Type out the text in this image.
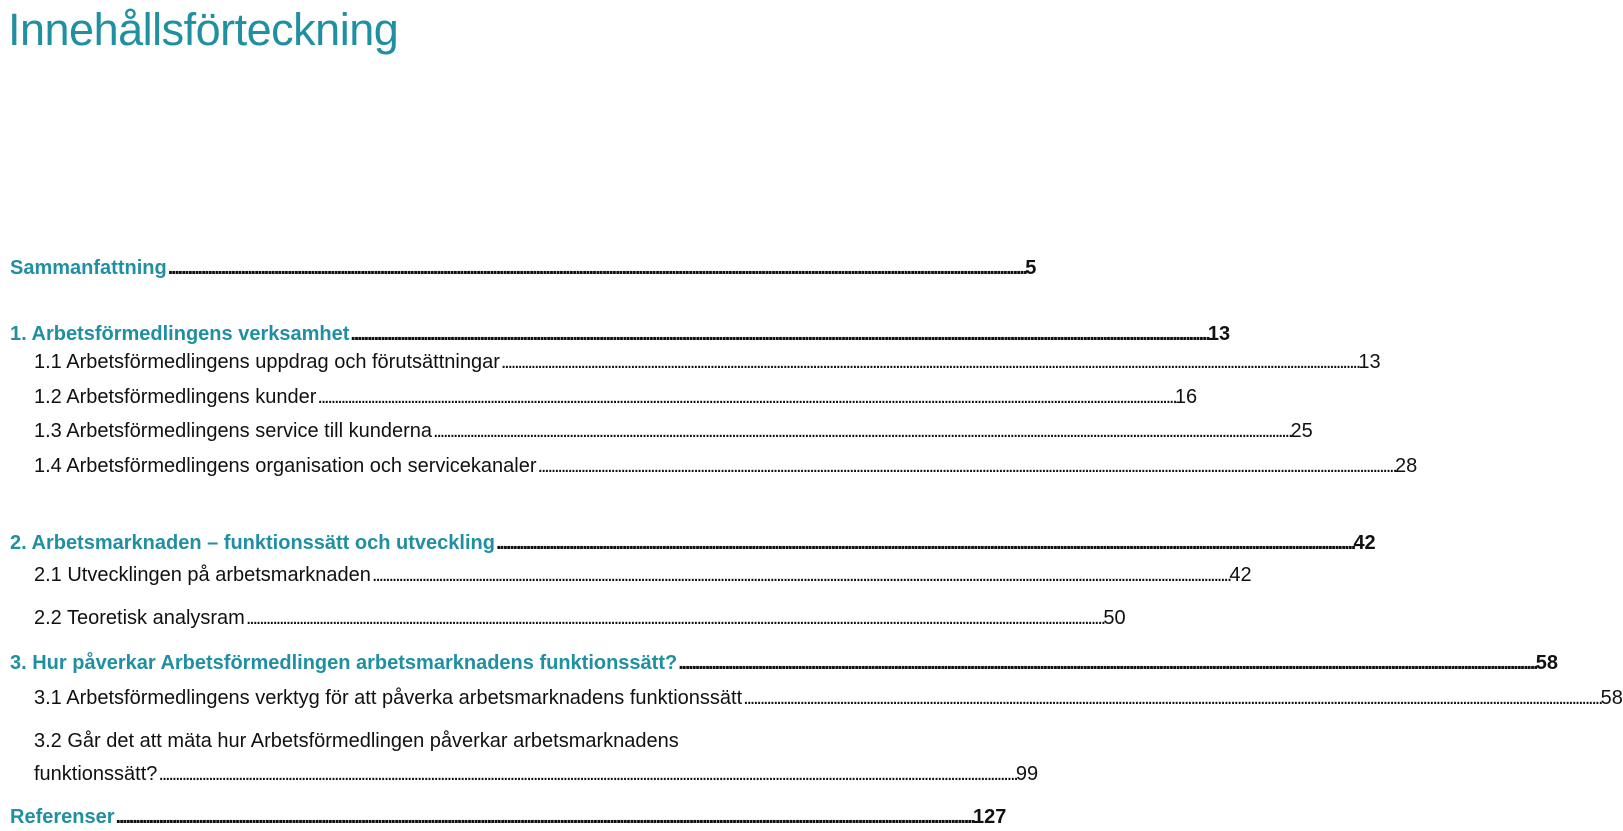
Innehållsförteckning
Sammanfattning . . .	5
1. Arbetsförmedlingens verksamhet . . .	13
1.1 Arbetsförmedlingens uppdrag och förutsättningar . . .	13
1.2 Arbetsförmedlingens kunder . . .	16
1.3 Arbetsförmedlingens service till kunderna . . .	25
1.4 Arbetsförmedlingens organisation och servicekanaler . . .	28
2. Arbetsmarknaden – funktionssätt och utveckling . . .	42
2.1 Utvecklingen på arbetsmarknaden . . .	42
2.2 Teoretisk analysram . . .	50
3. Hur påverkar Arbetsförmedlingen arbetsmarknadens funktionssätt? . . .	58
3.1 Arbetsförmedlingens verktyg för att påverka arbetsmarknadens funktionssätt . . .	58
3.2 Går det att mäta hur Arbetsförmedlingen påverkar arbetsmarknadens
funktionssätt? . . .	99
Referenser . . .	127
